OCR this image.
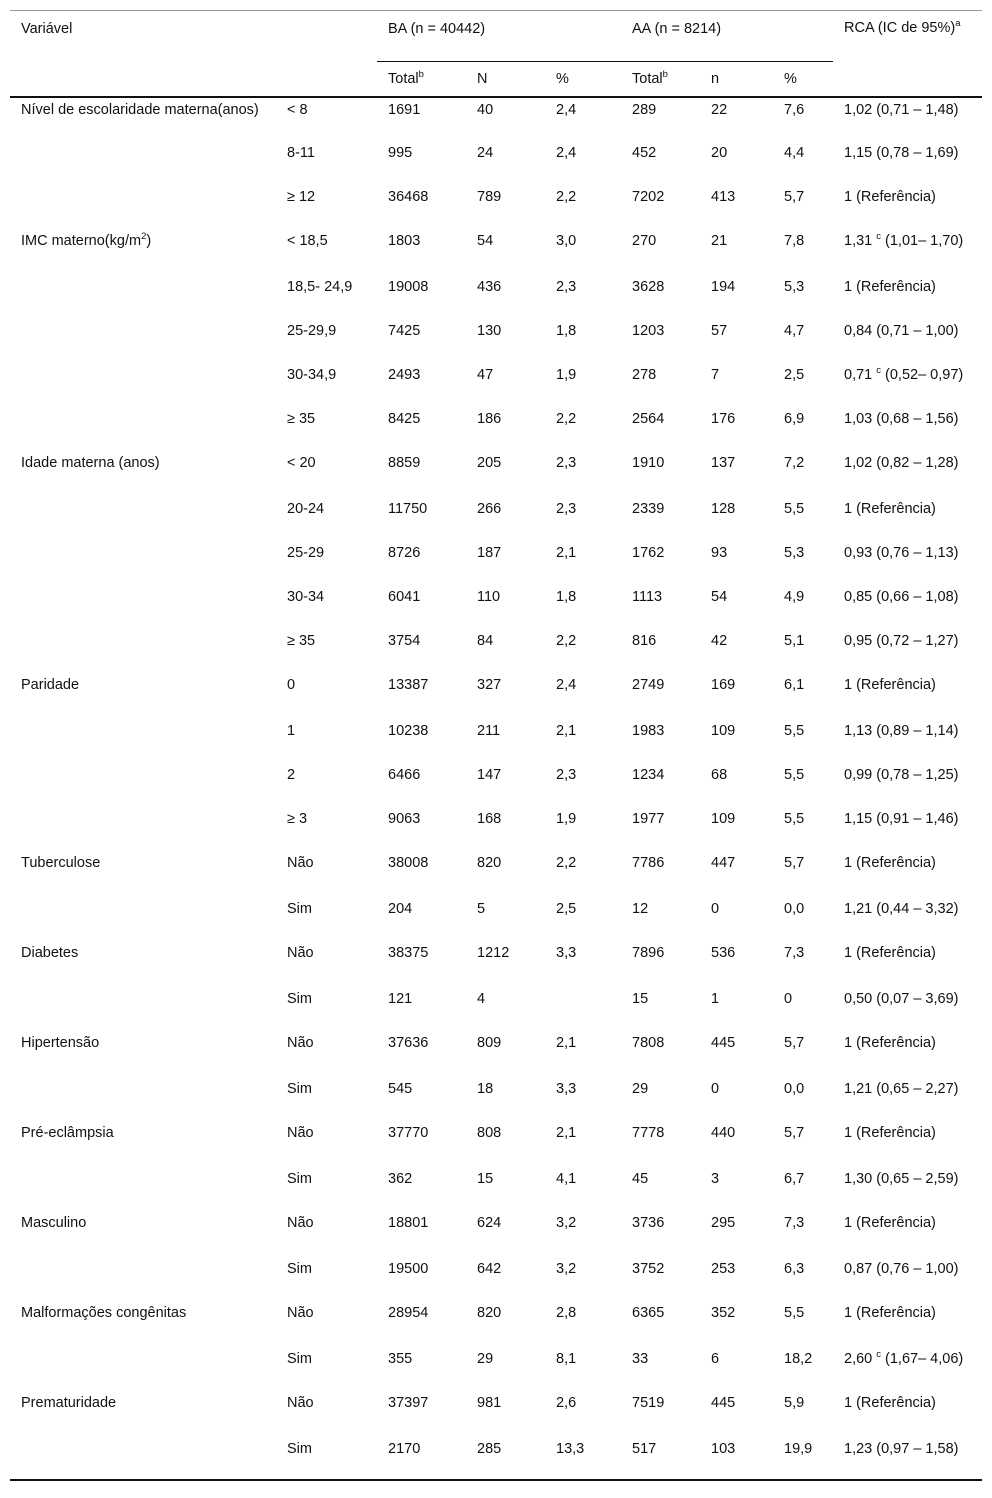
Variável		BA (n = 40442)			AA (n = 8214)			RCA (IC de 95%)$^a$
		Total$^b$	N	%	Total$^b$	n	%	
Nível de escolaridade materna(anos)	< 8	1691	40	2,4	289	22	7,6	1,02 (0,71 – 1,48)
	8-11	995	24	2,4	452	20	4,4	1,15 (0,78 – 1,69)
	≥ 12	36468	789	2,2	7202	413	5,7	1 (Referência)
IMC $materno(kg/m^2)$	< 18,5	1803	54	3,0	270	21	7,8	1,31 $^c$ (1,01– 1,70)
	18,5- 24,9	19008	436	2,3	3628	194	5,3	1 (Referência)
	25-29,9	7425	130	1,8	1203	57	4,7	0,84 (0,71 – 1,00)
	30-34,9	2493	47	1,9	278	7	2,5	0,71 $^c$ (0,52– 0,97)
	≥ 35	8425	186	2,2	2564	176	6,9	1,03 (0,68 – 1,56)
Idade materna (anos)	< 20	8859	205	2,3	1910	137	7,2	1,02 (0,82 – 1,28)
	20-24	11750	266	2,3	2339	128	5,5	1 (Referência)
	25-29	8726	187	2,1	1762	93	5,3	0,93 (0,76 – 1,13)
	30-34	6041	110	1,8	1113	54	4,9	0,85 (0,66 – 1,08)
	≥ 35	3754	84	2,2	816	42	5,1	0,95 (0,72 – 1,27)
Paridade	0	13387	327	2,4	2749	169	6,1	1 (Referência)
	1	10238	211	2,1	1983	109	5,5	1,13 (0,89 – 1,14)
	2	6466	147	2,3	1234	68	5,5	0,99 (0,78 – 1,25)
	≥ 3	9063	168	1,9	1977	109	5,5	1,15 (0,91 – 1,46)
Tuberculose	Não	38008	820	2,2	7786	447	5,7	1 (Referência)
	Sim	204	5	2,5	12	0	0,0	1,21 (0,44 – 3,32)
Diabetes	Não	38375	1212	3,3	7896	536	7,3	1 (Referência)
	Sim	121	4		15	1	0	0,50 (0,07 – 3,69)
Hipertensão	Não	37636	809	2,1	7808	445	5,7	1 (Referência)
	Sim	545	18	3,3	29	0	0,0	1,21 (0,65 – 2,27)
Pré-eclâmpsia	Não	37770	808	2,1	7778	440	5,7	1 (Referência)
	Sim	362	15	4,1	45	3	6,7	1,30 (0,65 – 2,59)
Masculino	Não	18801	624	3,2	3736	295	7,3	1 (Referência)
	Sim	19500	642	3,2	3752	253	6,3	0,87 (0,76 – 1,00)
Malformações congênitas	Não	28954	820	2,8	6365	352	5,5	1 (Referência)
	Sim	355	29	8,1	33	6	18,2	2,60 $^c$ (1,67– 4,06)
Prematuridade	Não	37397	981	2,6	7519	445	5,9	1 (Referência)
	Sim	2170	285	13,3	517	103	19,9	1,23 (0,97 – 1,58)
